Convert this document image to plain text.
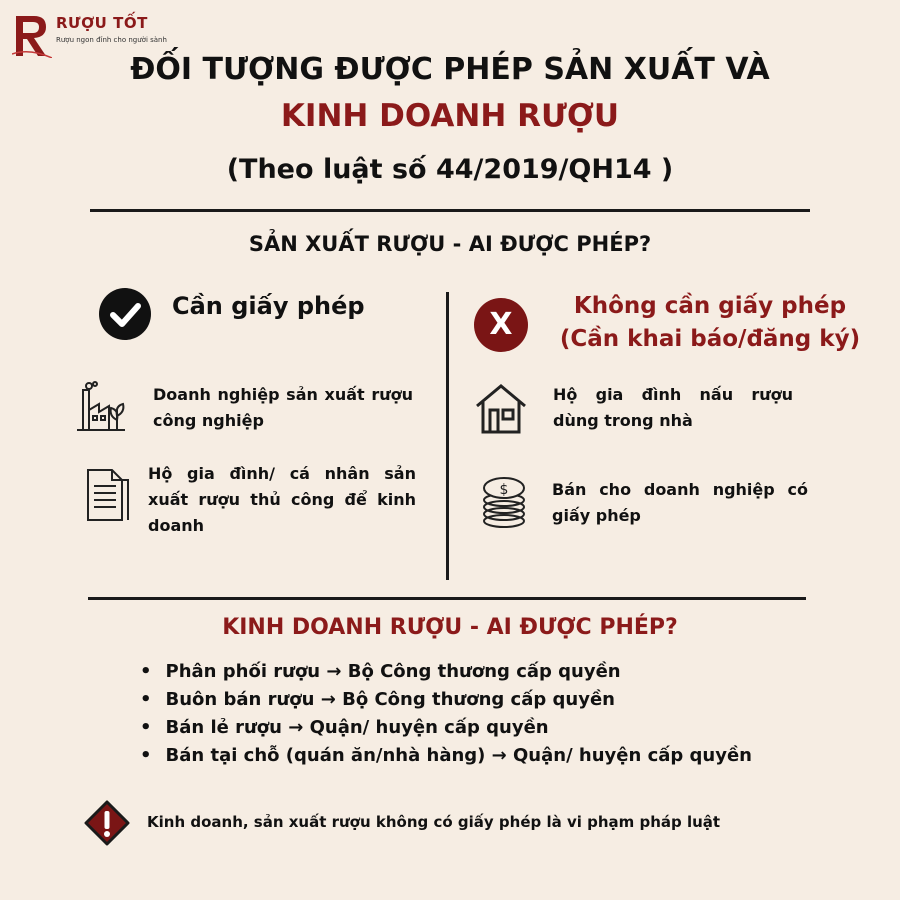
RƯỢU TỐT
Rượu ngon đỉnh cho người sành
ĐỐI TƯỢNG ĐƯỢC PHÉP SẢN XUẤT VÀ
KINH DOANH RƯỢU
(Theo luật số 44/2019/QH14 )
SẢN XUẤT RƯỢU - AI ĐƯỢC PHÉP?
Cần giấy phép
Doanh nghiệp sản xuất rượu công nghiệp
Hộ gia đình/ cá nhân sản xuất rượu thủ công để kinh doanh
X
Không cần giấy phép
(Cần khai báo/đăng ký)
Hộ gia đình nấu rượu dùng trong nhà
$	Bán cho doanh nghiệp có giấy phép
KINH DOANH RƯỢU - AI ĐƯỢC PHÉP?
• Phân phối rượu → Bộ Công thương cấp quyền
• Buôn bán rượu → Bộ Công thương cấp quyền
• Bán lẻ rượu → Quận/ huyện cấp quyền
• Bán tại chỗ (quán ăn/nhà hàng) → Quận/ huyện cấp quyền
Kinh doanh, sản xuất rượu không có giấy phép là vi phạm pháp luật
